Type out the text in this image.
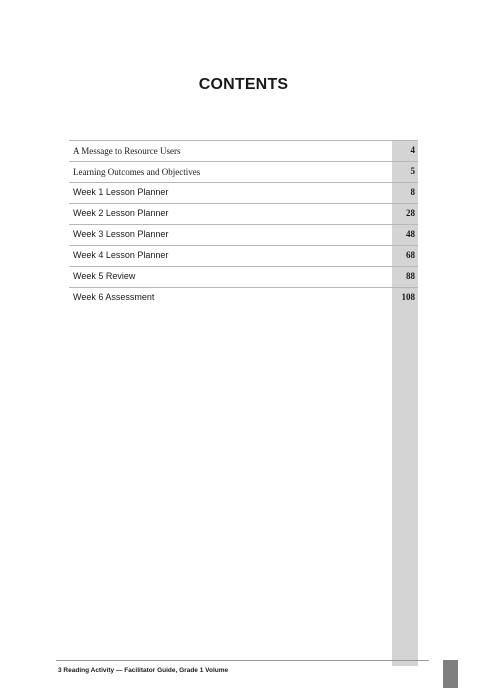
CONTENTS
A Message to Resource Users	4
Learning Outcomes and Objectives	5
Week 1 Lesson Planner	8
Week 2 Lesson Planner	28
Week 3 Lesson Planner	48
Week 4 Lesson Planner	68
Week 5 Review	88
Week 6 Assessment	108
3 Reading Activity — Facilitator Guide, Grade 1 Volume
